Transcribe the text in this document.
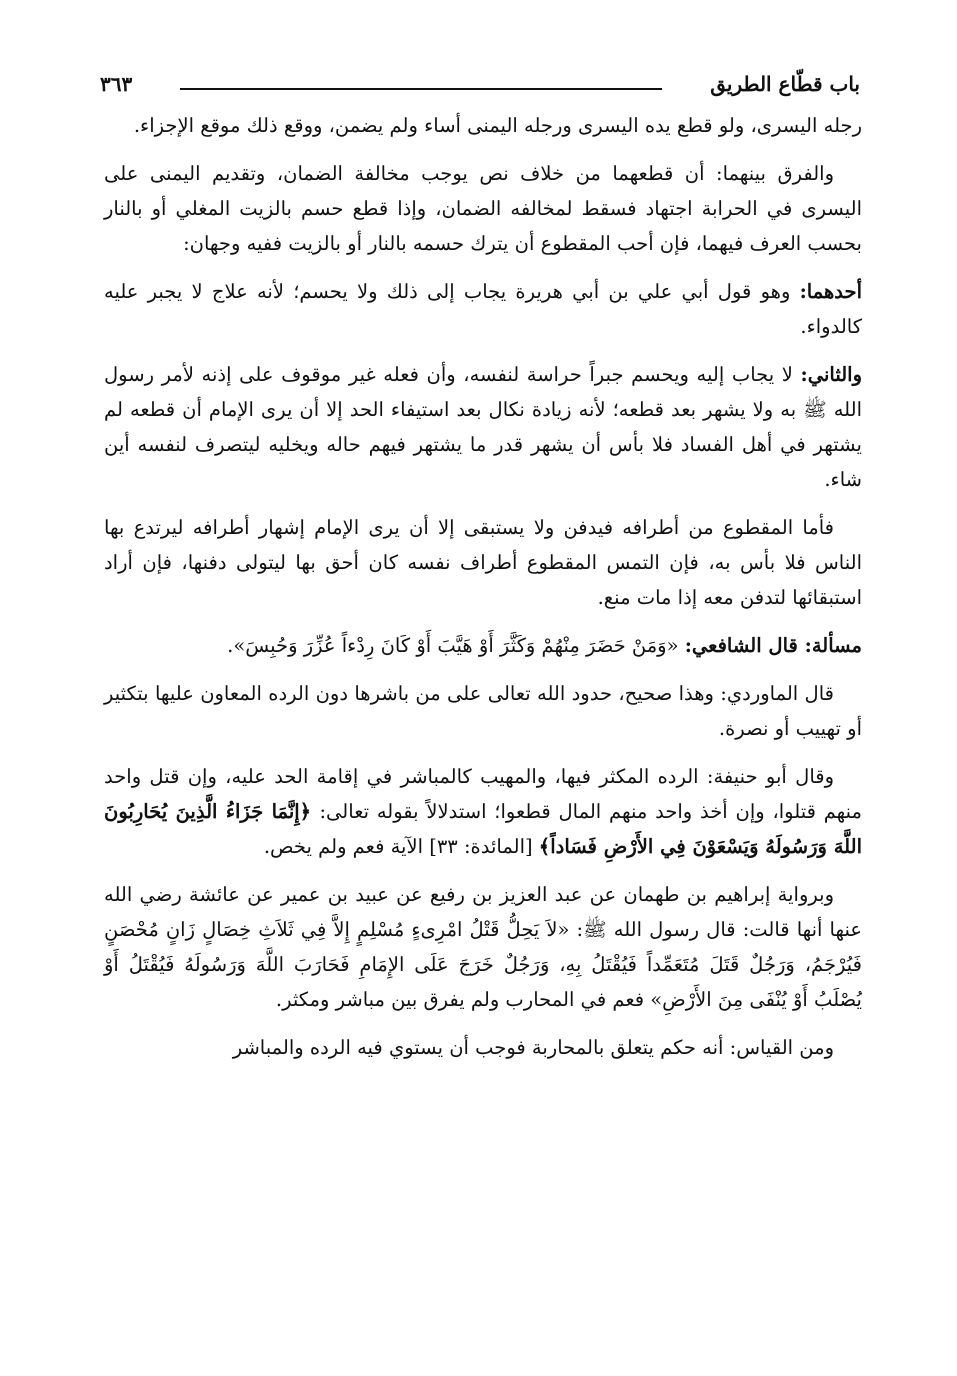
باب قطّاع الطريق
٣٦٣

رجله اليسرى، ولو قطع يده اليسرى ورجله اليمنى أساء ولم يضمن، ووقع ذلك موقع الإجزاء.

والفرق بينهما: أن قطعهما من خلاف نص يوجب مخالفة الضمان، وتقديم اليمنى على اليسرى في الحرابة اجتهاد فسقط لمخالفه الضمان، وإذا قطع حسم بالزيت المغلي أو بالنار بحسب العرف فيهما، فإن أحب المقطوع أن يترك حسمه بالنار أو بالزيت ففيه وجهان:

أحدهما: وهو قول أبي علي بن أبي هريرة يجاب إلى ذلك ولا يحسم؛ لأنه علاج لا يجبر عليه كالدواء.

والثاني: لا يجاب إليه ويحسم جبراً حراسة لنفسه، وأن فعله غير موقوف على إذنه لأمر رسول الله ﷺ به ولا يشهر بعد قطعه؛ لأنه زيادة نكال بعد استيفاء الحد إلا أن يرى الإمام أن قطعه لم يشتهر في أهل الفساد فلا بأس أن يشهر قدر ما يشتهر فيهم حاله ويخليه ليتصرف لنفسه أين شاء.

فأما المقطوع من أطرافه فيدفن ولا يستبقى إلا أن يرى الإمام إشهار أطرافه ليرتدع بها الناس فلا بأس به، فإن التمس المقطوع أطراف نفسه كان أحق بها ليتولى دفنها، فإن أراد استبقائها لتدفن معه إذا مات منع.

مسألة: قال الشافعي: «وَمَنْ حَضَرَ مِنْهُمْ وَكَثَّرَ أَوْ هَيَّبَ أَوْ كَانَ رِدْءاً عُزِّرَ وَحُبِسَ».

قال الماوردي: وهذا صحيح، حدود الله تعالى على من باشرها دون الرده المعاون عليها بتكثير أو تهييب أو نصرة.

وقال أبو حنيفة: الرده المكثر فيها، والمهيب كالمباشر في إقامة الحد عليه، وإن قتل واحد منهم قتلوا، وإن أخذ واحد منهم المال قطعوا؛ استدلالاً بقوله تعالى: ﴿إِنَّمَا جَزَاءُ الَّذِينَ يُحَارِبُونَ اللَّهَ وَرَسُولَهُ وَيَسْعَوْنَ فِي الأَرْضِ فَسَاداً﴾ [المائدة: ٣٣] الآية فعم ولم يخص.

وبرواية إبراهيم بن طهمان عن عبد العزيز بن رفيع عن عبيد بن عمير عن عائشة رضي الله عنها أنها قالت: قال رسول الله ﷺ: «لاَ يَحِلُّ قَتْلُ امْرِىءٍ مُسْلِمٍ إِلاَّ فِي ثَلاَثِ خِصَالٍ زَانٍ مُحْصَنٍ فَيُرْجَمُ، وَرَجُلٌ قَتَلَ مُتَعَمِّداً فَيُقْتَلُ بِهِ، وَرَجُلٌ خَرَجَ عَلَى الإِمَامِ فَحَارَبَ اللَّهَ وَرَسُولَهُ فَيُقْتَلُ أَوْ يُصْلَبُ أَوْ يُنْفَى مِنَ الأَرْضِ» فعم في المحارب ولم يفرق بين مباشر ومكثر.

ومن القياس: أنه حكم يتعلق بالمحاربة فوجب أن يستوي فيه الرده والمباشر
